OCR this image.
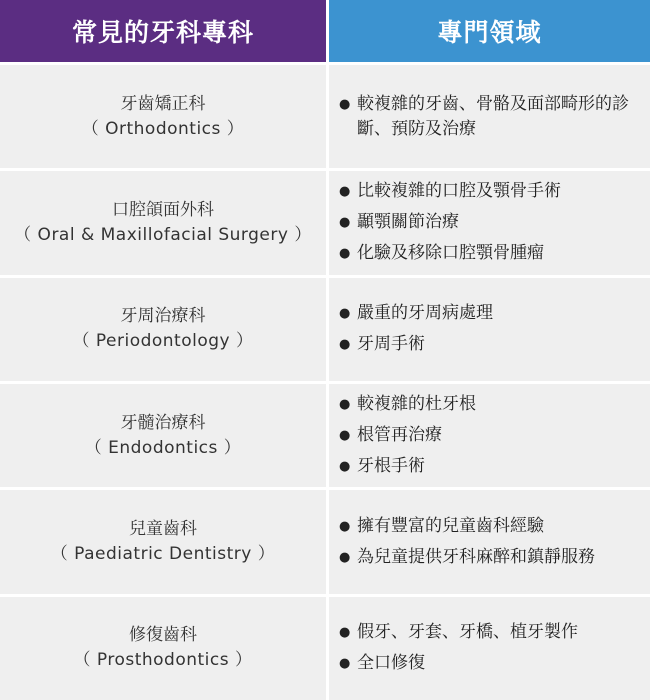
常見的牙科專科	專門領域
牙齒矯正科
（ Orthodontics ）
● 較複雜的牙齒、骨骼及面部畸形的診斷、預防及治療
口腔頜面外科
（ Oral & Maxillofacial Surgery ）
● 比較複雜的口腔及顎骨手術
● 顳顎關節治療
● 化驗及移除口腔顎骨腫瘤
牙周治療科
（ Periodontology ）
● 嚴重的牙周病處理
● 牙周手術
牙髓治療科
（ Endodontics ）
● 較複雜的杜牙根
● 根管再治療
● 牙根手術
兒童齒科
（ Paediatric Dentistry ）
● 擁有豐富的兒童齒科經驗
● 為兒童提供牙科麻醉和鎮靜服務
修復齒科
（ Prosthodontics ）
● 假牙、牙套、牙橋、植牙製作
● 全口修復
